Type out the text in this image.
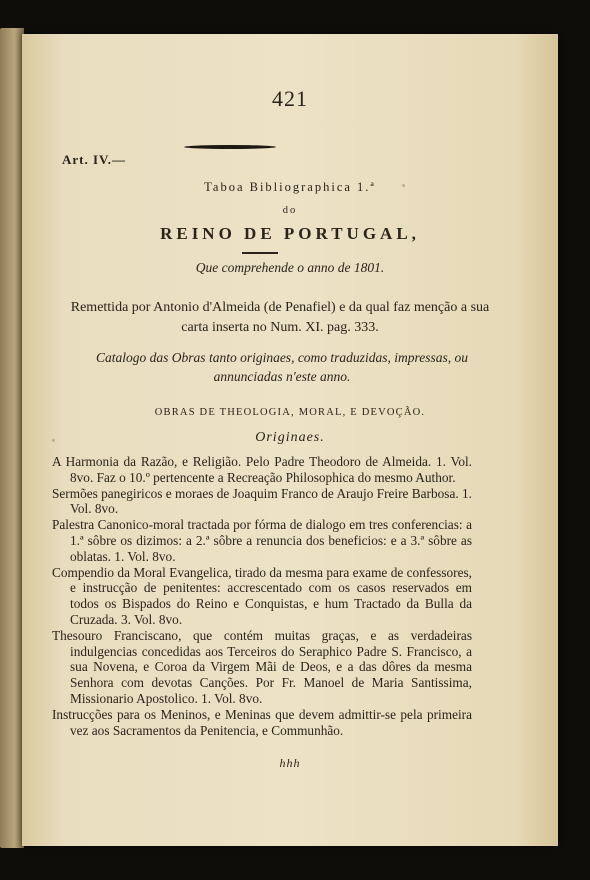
421
Art. IV.—
Taboa Bibliographica 1.ª
do
REINO DE PORTUGAL,
Que comprehende o anno de 1801.
Remettida por Antonio d'Almeida (de Penafiel) e da qual faz menção a sua carta inserta no Num. XI. pag. 333.
Catalogo das Obras tanto originaes, como traduzidas, impressas, ou annunciadas n'este anno.
OBRAS DE THEOLOGIA, MORAL, E DEVOÇÃO.
Originaes.

A Harmonia da Razão, e Religião. Pelo Padre Theodoro de Almeida. 1. Vol. 8vo. Faz o 10.º pertencente a Recreação Philosophica do mesmo Author.

Sermões panegiricos e moraes de Joaquim Franco de Araujo Freire Barbosa. 1. Vol. 8vo.

Palestra Canonico-moral tractada por fórma de dialogo em tres conferencias: a 1.ª sôbre os dizimos: a 2.ª sôbre a renuncia dos beneficios: e a 3.ª sôbre as oblatas. 1. Vol. 8vo.

Compendio da Moral Evangelica, tirado da mesma para exame de confessores, e instrucção de penitentes: accrescentado com os casos reservados em todos os Bispados do Reino e Conquistas, e hum Tractado da Bulla da Cruzada. 3. Vol. 8vo.

Thesouro Franciscano, que contém muitas graças, e as verdadeiras indulgencias concedidas aos Terceiros do Seraphico Padre S. Francisco, a sua Novena, e Coroa da Virgem Mãi de Deos, e a das dôres da mesma Senhora com devotas Canções. Por Fr. Manoel de Maria Santissima, Missionario Apostolico. 1. Vol. 8vo.

Instrucções para os Meninos, e Meninas que devem admittir-se pela primeira vez aos Sacramentos da Penitencia, e Communhão.

hhh
